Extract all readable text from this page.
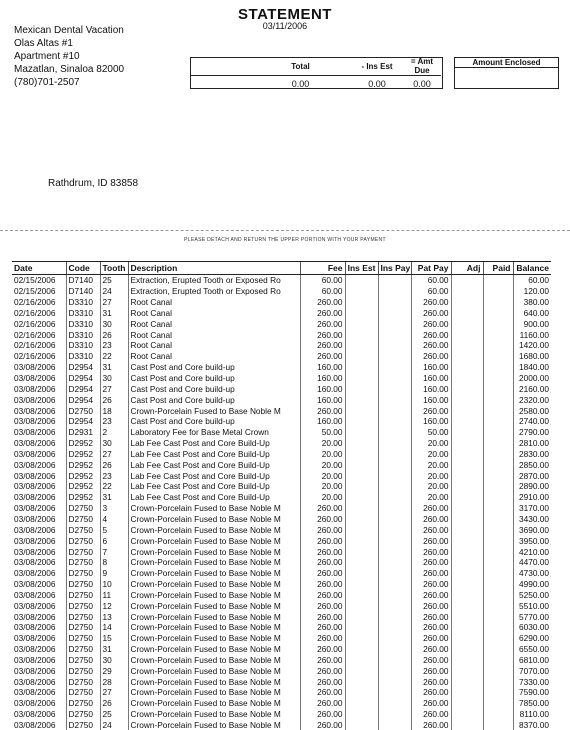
STATEMENT
03/11/2006
Mexican Dental Vacation
Olas Altas #1
Apartment #10
Mazatlan, Sinaloa 82000
(780)701-2507
	Total	- Ins Est	= Amt Due
	0.00	0.00	0.00
Amount Enclosed
Rathdrum, ID 83858
PLEASE DETACH AND RETURN THE UPPER PORTION WITH YOUR PAYMENT
Date	Code	Tooth	Description	Fee	Ins Est	Ins Pay	Pat Pay	Adj	Paid	Balance
02/15/2006	D7140	25	Extraction, Erupted Tooth or Exposed Ro	60.00			60.00			60.00
02/15/2006	D7140	24	Extraction, Erupted Tooth or Exposed Ro	60.00			60.00			120.00
02/16/2006	D3310	27	Root Canal	260.00			260.00			380.00
02/16/2006	D3310	31	Root Canal	260.00			260.00			640.00
02/16/2006	D3310	30	Root Canal	260.00			260.00			900.00
02/16/2006	D3310	26	Root Canal	260.00			260.00			1160.00
02/16/2006	D3310	23	Root Canal	260.00			260.00			1420.00
02/16/2006	D3310	22	Root Canal	260.00			260.00			1680.00
03/08/2006	D2954	31	Cast Post and Core build-up	160.00			160.00			1840.00
03/08/2006	D2954	30	Cast Post and Core build-up	160.00			160.00			2000.00
03/08/2006	D2954	27	Cast Post and Core build-up	160.00			160.00			2160.00
03/08/2006	D2954	26	Cast Post and Core build-up	160.00			160.00			2320.00
03/08/2006	D2750	18	Crown-Porcelain Fused to Base Noble M	260.00			260.00			2580.00
03/08/2006	D2954	23	Cast Post and Core build-up	160.00			160.00			2740.00
03/08/2006	D2931	2	Laboratory Fee for Base Metal Crown	50.00			50.00			2790.00
03/08/2006	D2952	30	Lab Fee Cast Post and Core Build-Up	20.00			20.00			2810.00
03/08/2006	D2952	27	Lab Fee Cast Post and Core Build-Up	20.00			20.00			2830.00
03/08/2006	D2952	26	Lab Fee Cast Post and Core Build-Up	20.00			20.00			2850.00
03/08/2006	D2952	23	Lab Fee Cast Post and Core Build-Up	20.00			20.00			2870.00
03/08/2006	D2952	22	Lab Fee Cast Post and Core Build-Up	20.00			20.00			2890.00
03/08/2006	D2952	31	Lab Fee Cast Post and Core Build-Up	20.00			20.00			2910.00
03/08/2006	D2750	3	Crown-Porcelain Fused to Base Noble M	260.00			260.00			3170.00
03/08/2006	D2750	4	Crown-Porcelain Fused to Base Noble M	260.00			260.00			3430.00
03/08/2006	D2750	5	Crown-Porcelain Fused to Base Noble M	260.00			260.00			3690.00
03/08/2006	D2750	6	Crown-Porcelain Fused to Base Noble M	260.00			260.00			3950.00
03/08/2006	D2750	7	Crown-Porcelain Fused to Base Noble M	260.00			260.00			4210.00
03/08/2006	D2750	8	Crown-Porcelain Fused to Base Noble M	260.00			260.00			4470.00
03/08/2006	D2750	9	Crown-Porcelain Fused to Base Noble M	260.00			260.00			4730.00
03/08/2006	D2750	10	Crown-Porcelain Fused to Base Noble M	260.00			260.00			4990.00
03/08/2006	D2750	11	Crown-Porcelain Fused to Base Noble M	260.00			260.00			5250.00
03/08/2006	D2750	12	Crown-Porcelain Fused to Base Noble M	260.00			260.00			5510.00
03/08/2006	D2750	13	Crown-Porcelain Fused to Base Noble M	260.00			260.00			5770.00
03/08/2006	D2750	14	Crown-Porcelain Fused to Base Noble M	260.00			260.00			6030.00
03/08/2006	D2750	15	Crown-Porcelain Fused to Base Noble M	260.00			260.00			6290.00
03/08/2006	D2750	31	Crown-Porcelain Fused to Base Noble M	260.00			260.00			6550.00
03/08/2006	D2750	30	Crown-Porcelain Fused to Base Noble M	260.00			260.00			6810.00
03/08/2006	D2750	29	Crown-Porcelain Fused to Base Noble M	260.00			260.00			7070.00
03/08/2006	D2750	28	Crown-Porcelain Fused to Base Noble M	260.00			260.00			7330.00
03/08/2006	D2750	27	Crown-Porcelain Fused to Base Noble M	260.00			260.00			7590.00
03/08/2006	D2750	26	Crown-Porcelain Fused to Base Noble M	260.00			260.00			7850.00
03/08/2006	D2750	25	Crown-Porcelain Fused to Base Noble M	260.00			260.00			8110.00
03/08/2006	D2750	24	Crown-Porcelain Fused to Base Noble M	260.00			260.00			8370.00
